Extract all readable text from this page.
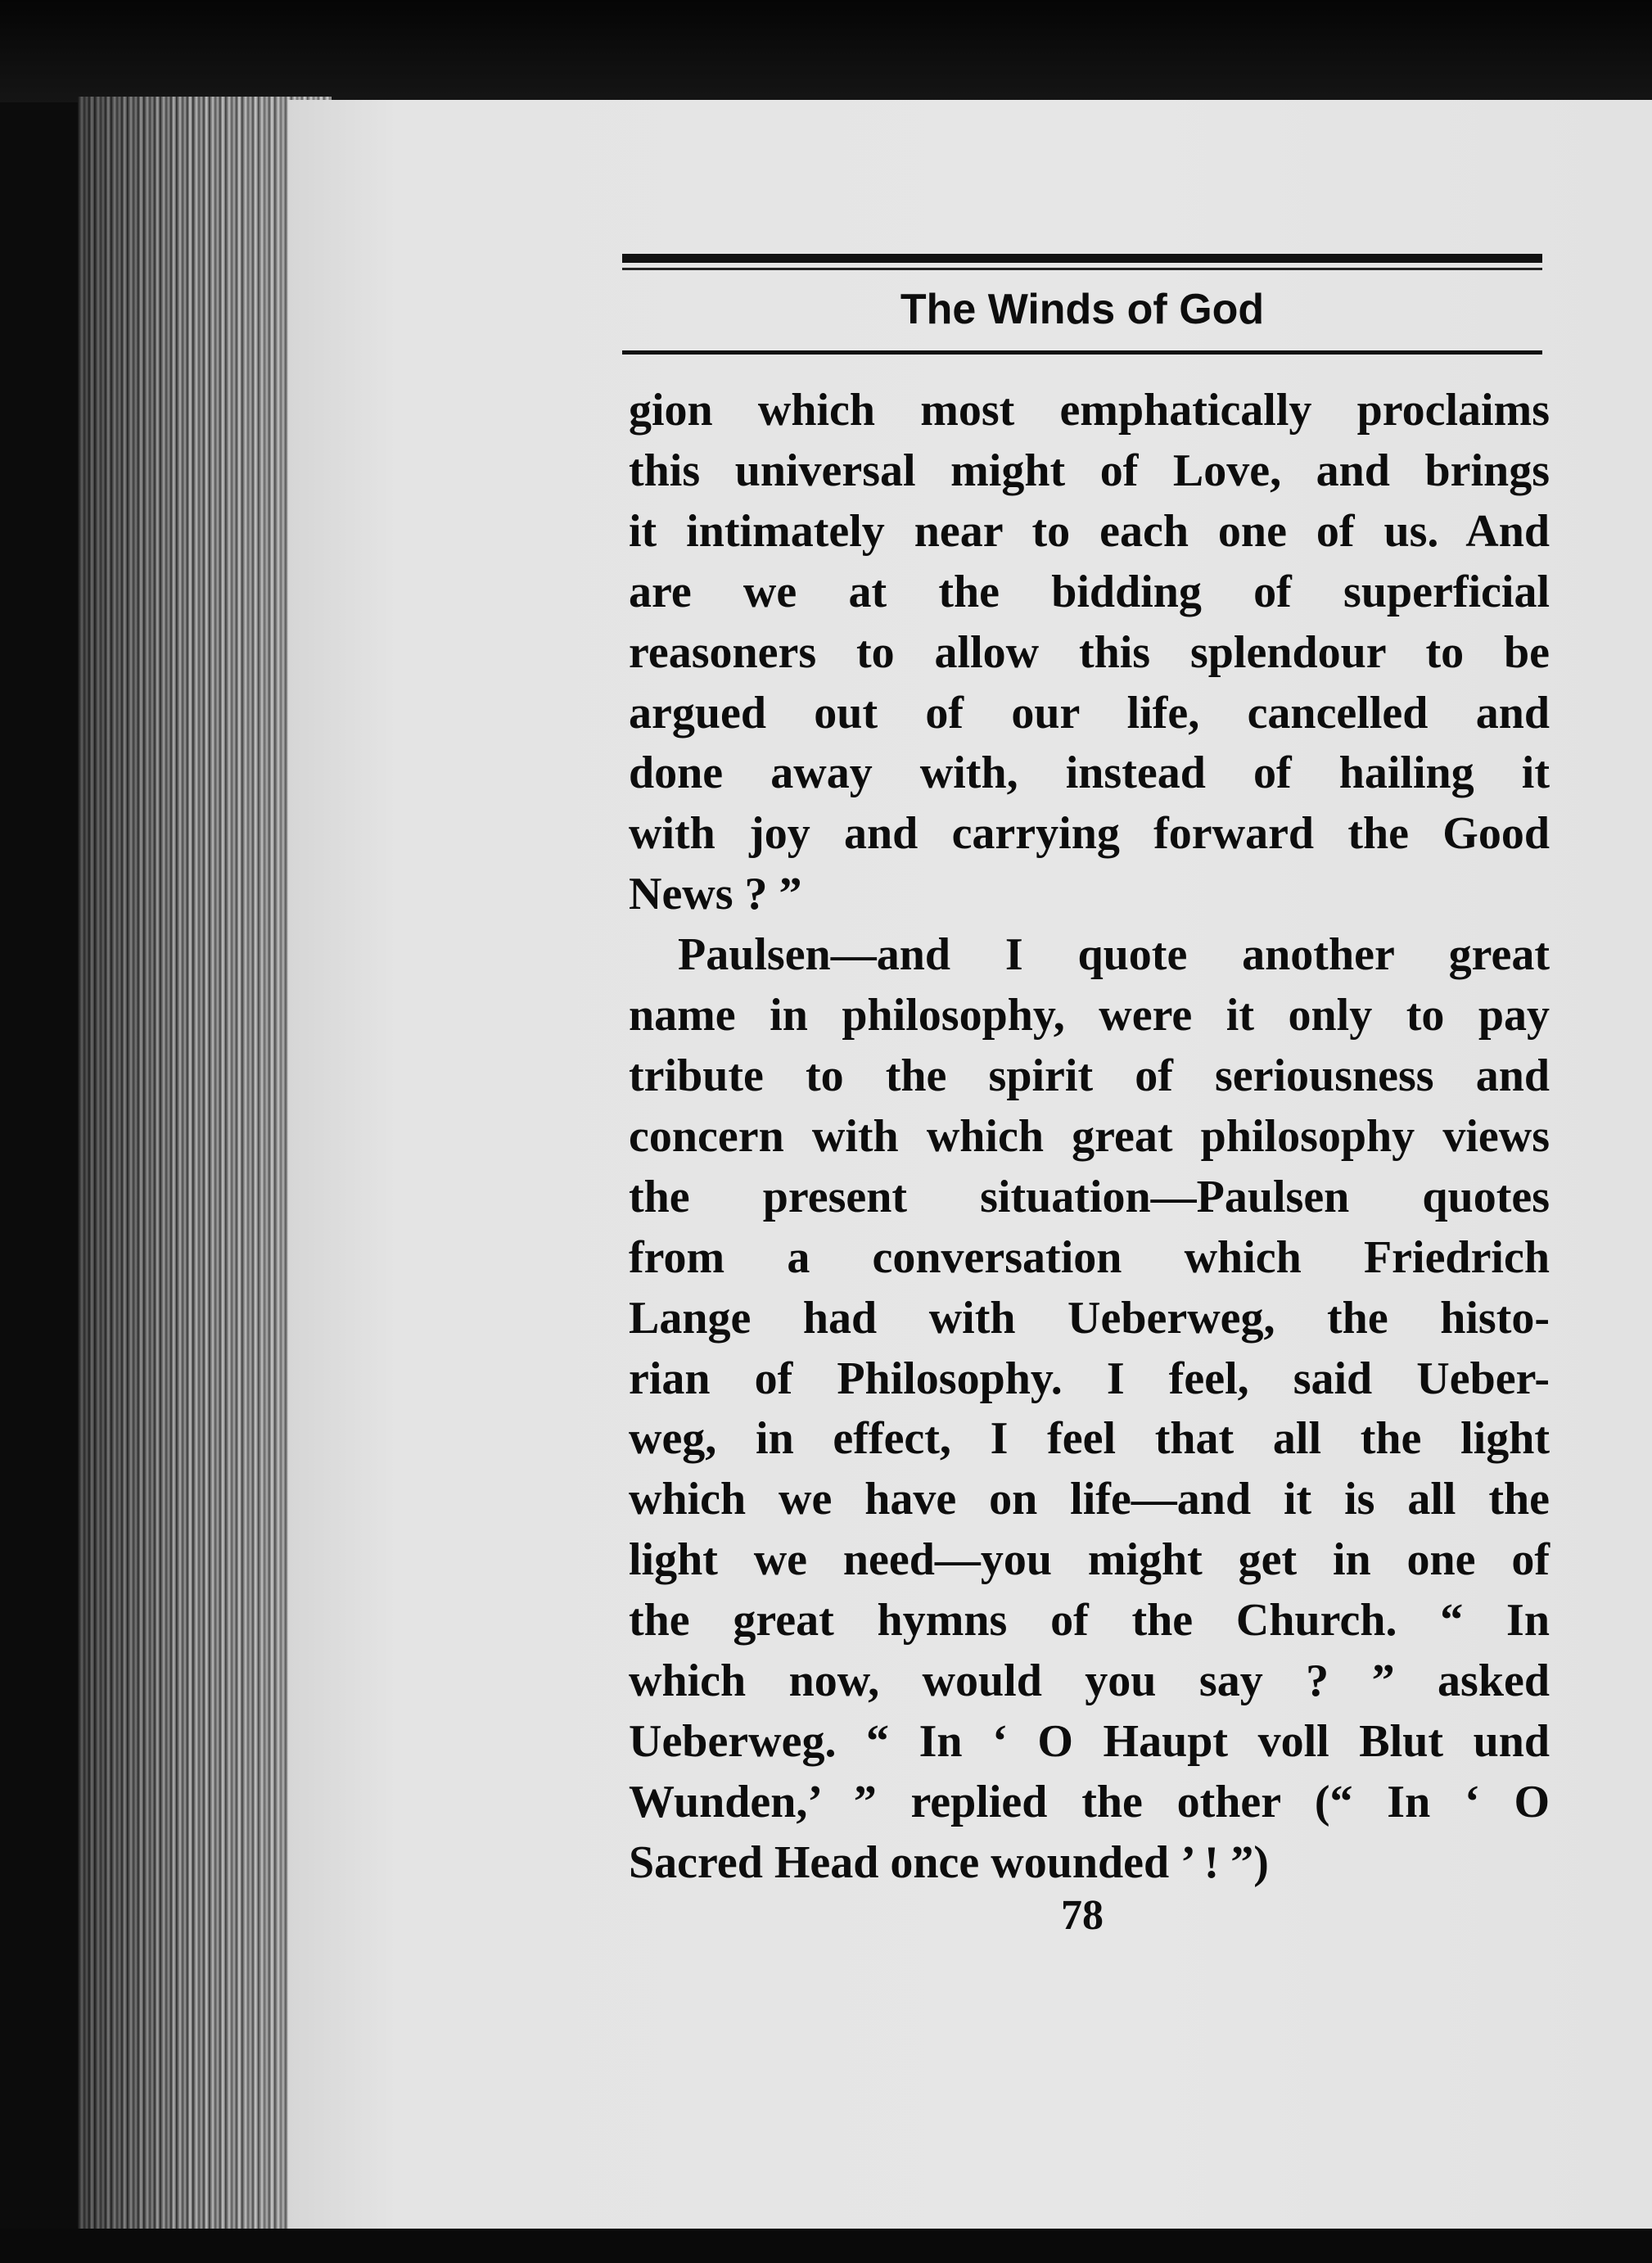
The Winds of God
gion which most emphatically proclaims
this universal might of Love, and brings
it intimately near to each one of us. And
are we at the bidding of superficial
reasoners to allow this splendour to be
argued out of our life, cancelled and
done away with, instead of hailing it
with joy and carrying forward the Good
News ? ”
Paulsen—and I quote another great
name in philosophy, were it only to pay
tribute to the spirit of seriousness and
concern with which great philosophy views
the present situation—Paulsen quotes
from a conversation which Friedrich
Lange had with Ueberweg, the histo-
rian of Philosophy. I feel, said Ueber-
weg, in effect, I feel that all the light
which we have on life—and it is all the
light we need—you might get in one of
the great hymns of the Church. “ In
which now, would you say ? ” asked
Ueberweg. “ In ‘ O Haupt voll Blut und
Wunden,’ ” replied the other (“ In ‘ O
Sacred Head once wounded ’ ! ”)
78
